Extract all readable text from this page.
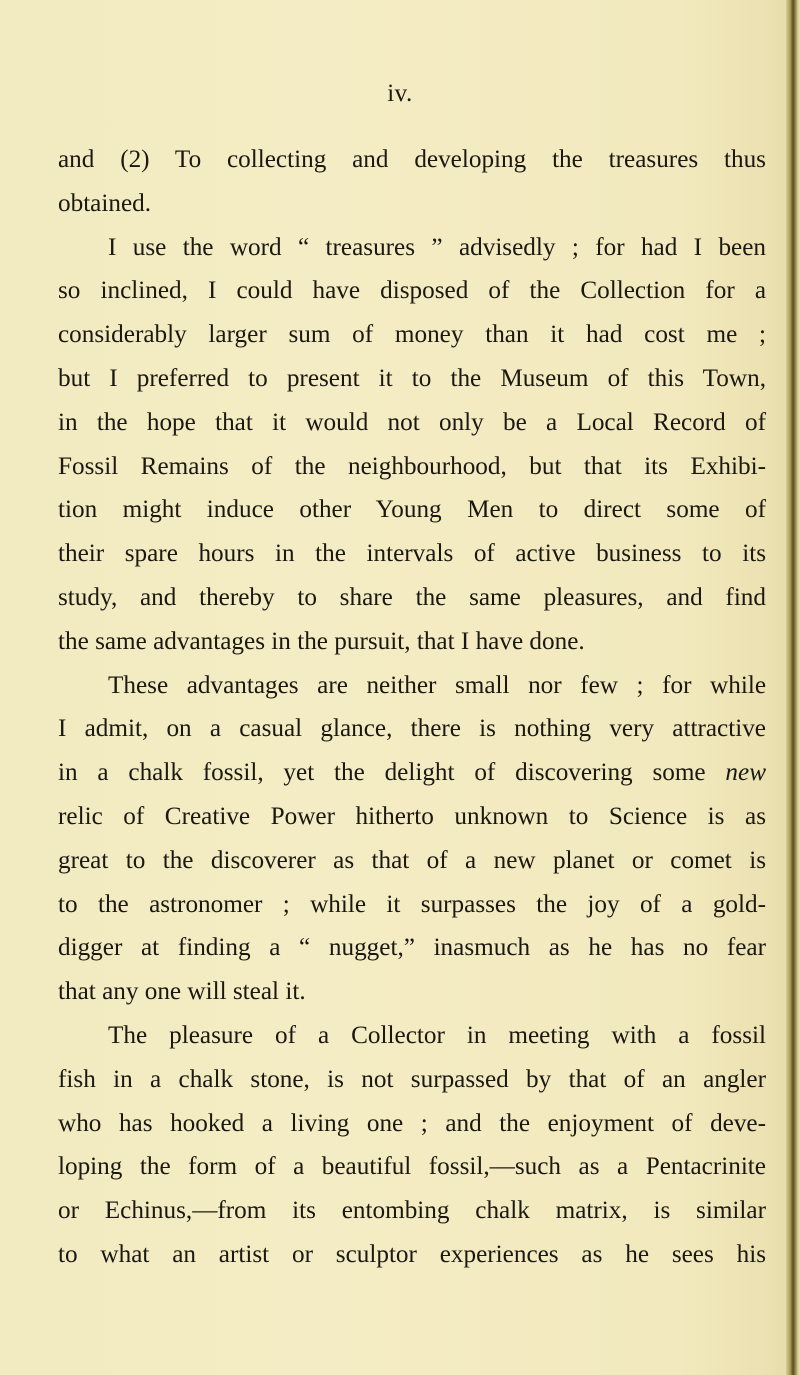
iv.
and (2) To collecting and developing the treasures thus
obtained.
I use the word “ treasures ” advisedly ; for had I been
so inclined, I could have disposed of the Collection for a
considerably larger sum of money than it had cost me ;
but I preferred to present it to the Museum of this Town,
in the hope that it would not only be a Local Record of
Fossil Remains of the neighbourhood, but that its Exhibi-
tion might induce other Young Men to direct some of
their spare hours in the intervals of active business to its
study, and thereby to share the same pleasures, and find
the same advantages in the pursuit, that I have done.
These advantages are neither small nor few ; for while
I admit, on a casual glance, there is nothing very attractive
in a chalk fossil, yet the delight of discovering some new
relic of Creative Power hitherto unknown to Science is as
great to the discoverer as that of a new planet or comet is
to the astronomer ; while it surpasses the joy of a gold-
digger at finding a “ nugget,” inasmuch as he has no fear
that any one will steal it.
The pleasure of a Collector in meeting with a fossil
fish in a chalk stone, is not surpassed by that of an angler
who has hooked a living one ; and the enjoyment of deve-
loping the form of a beautiful fossil,—such as a Pentacrinite
or Echinus,—from its entombing chalk matrix, is similar
to what an artist or sculptor experiences as he sees his
